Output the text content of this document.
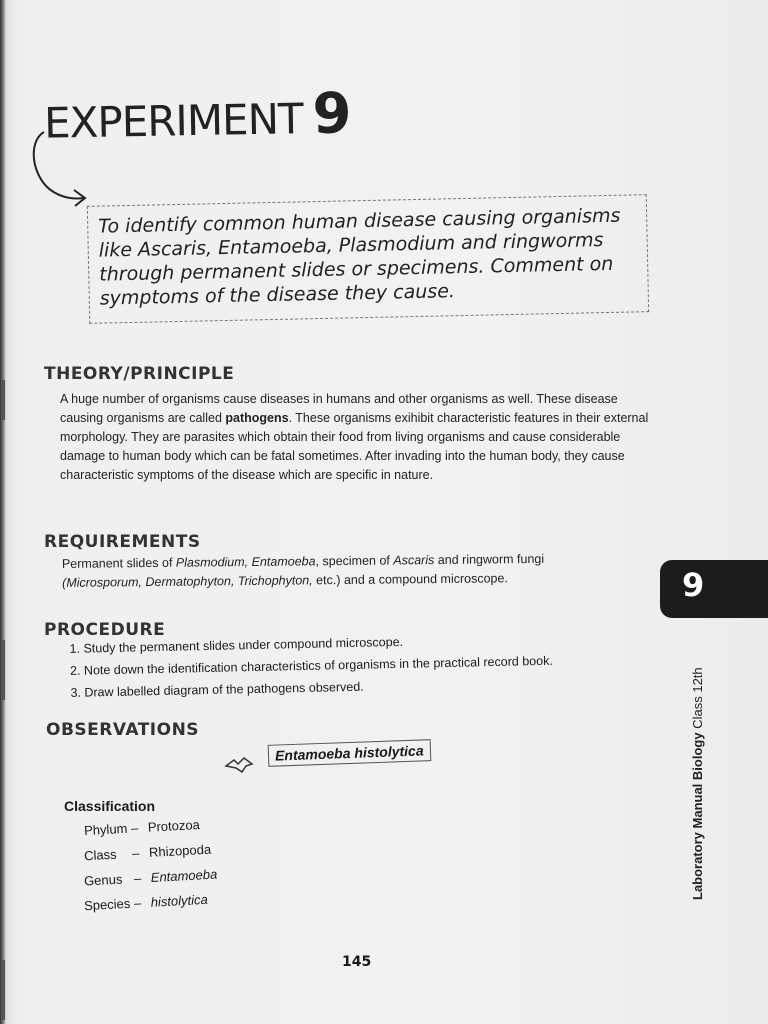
EXPERIMENT 9

To identify common human disease causing organisms like Ascaris, Entamoeba, Plasmodium and ringworms through permanent slides or specimens. Comment on symptoms of the disease they cause.

THEORY/PRINCIPLE

A huge number of organisms cause diseases in humans and other organisms as well. These disease causing organisms are called pathogens. These organisms exihibit characteristic features in their external morphology. They are parasites which obtain their food from living organisms and cause considerable damage to human body which can be fatal sometimes. After invading into the human body, they cause characteristic symptoms of the disease which are specific in nature.

REQUIREMENTS

Permanent slides of Plasmodium, Entamoeba, specimen of Ascaris and ringworm fungi (Microsporum, Dermatophyton, Trichophyton, etc.) and a compound microscope.

PROCEDURE
1. Study the permanent slides under compound microscope.
2. Note down the identification characteristics of organisms in the practical record book.
3. Draw labelled diagram of the pathogens observed.
OBSERVATIONS
Entamoeba histolytica
Classification
Phylum – Protozoa
Class – Rhizopoda
Genus – Entamoeba
Species – histolytica
9
Laboratory Manual Biology Class 12th
145
